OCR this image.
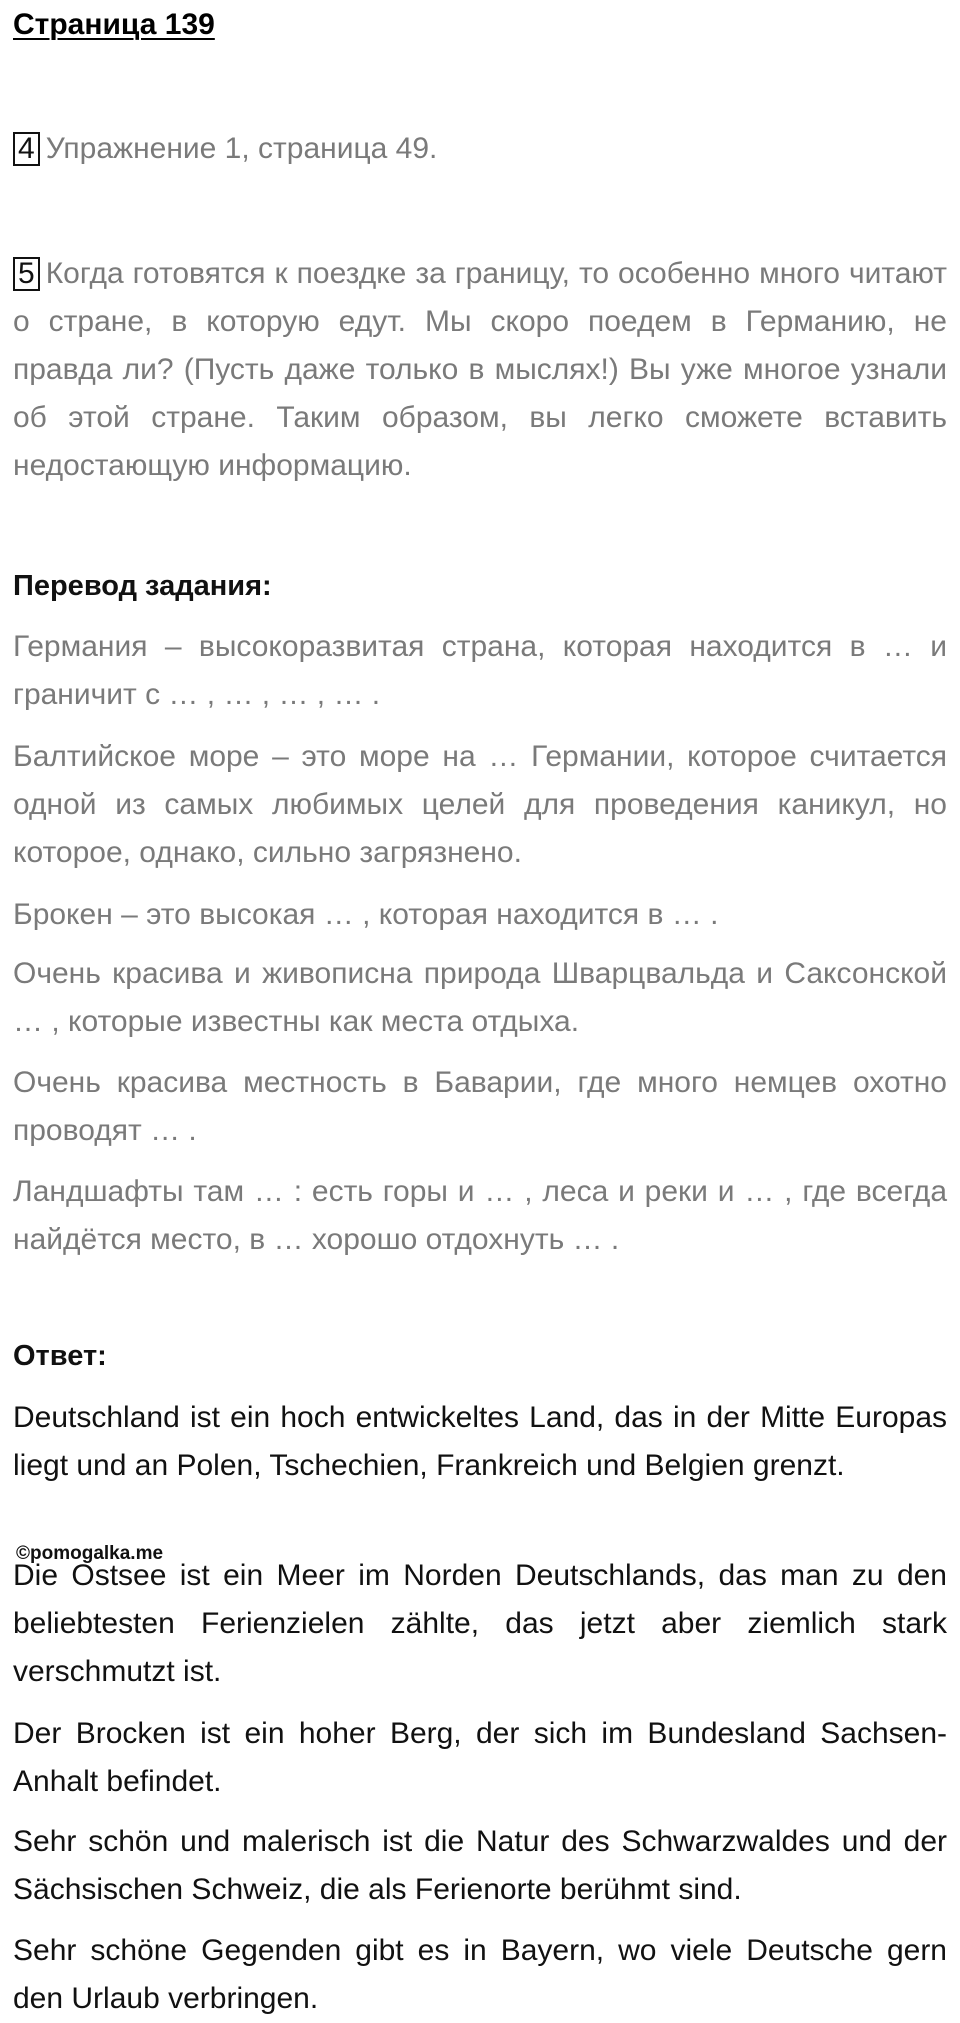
Страница 139

4 Упражнение 1, страница 49.

5 Когда готовятся к поездке за границу, то особенно много читают о стране, в которую едут. Мы скоро поедем в Германию, не правда ли? (Пусть даже только в мыслях!) Вы уже многое узнали об этой стране. Таким образом, вы легко сможете вставить недостающую информацию.

Перевод задания:

Германия – высокоразвитая страна, которая находится в … и граничит с … , … , … , … .

Балтийское море – это море на … Германии, которое считается одной из самых любимых целей для проведения каникул, но которое, однако, сильно загрязнено.

Брокен – это высокая … , которая находится в … .

Очень красива и живописна природа Шварцвальда и Саксонской … , которые известны как места отдыха.

Очень красива местность в Баварии, где много немцев охотно проводят … .

Ландшафты там … : есть горы и … , леса и реки и … , где всегда найдётся место, в … хорошо отдохнуть … .

Ответ:

Deutschland ist ein hoch entwickeltes Land, das in der Mitte Europas liegt und an Polen, Tschechien, Frankreich und Belgien grenzt.

©pomogalka.me

Die Ostsee ist ein Meer im Norden Deutschlands, das man zu den beliebtesten Ferienzielen zählte, das jetzt aber ziemlich stark verschmutzt ist.

Der Brocken ist ein hoher Berg, der sich im Bundesland Sachsen-Anhalt befindet.

Sehr schön und malerisch ist die Natur des Schwarzwaldes und der Sächsischen Schweiz, die als Ferienorte berühmt sind.

Sehr schöne Gegenden gibt es in Bayern, wo viele Deutsche gern den Urlaub verbringen.
